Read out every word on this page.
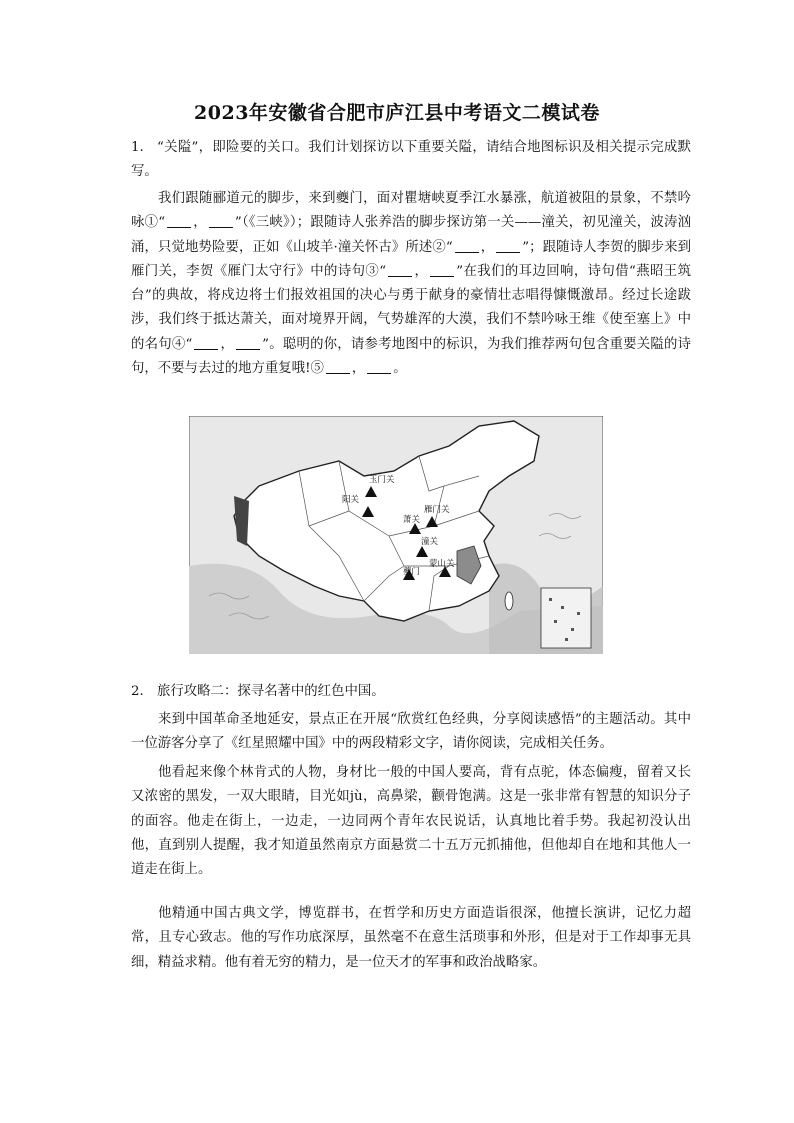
2023年安徽省合肥市庐江县中考语文二模试卷
1. “关隘”，即险要的关口。我们计划探访以下重要关隘，请结合地图标识及相关提示完成默写。
我们跟随郦道元的脚步，来到夔门，面对瞿塘峡夏季江水暴涨，航道被阻的景象，不禁吟咏①“ ， ”（《三峡》）；跟随诗人张养浩的脚步探访第一关——潼关，初见潼关，波涛汹涌，只觉地势险要，正如《山坡羊·潼关怀古》所述②“ ， ”；跟随诗人李贺的脚步来到雁门关，李贺《雁门太守行》中的诗句③“ ， ”在我们的耳边回响，诗句借“燕昭王筑台”的典故，将戍边将士们报效祖国的决心与勇于献身的豪情壮志唱得慷慨激昂。经过长途跋涉，我们终于抵达萧关，面对境界开阔，气势雄浑的大漠，我们不禁吟咏王维《使至塞上》中的名句④“ ， ”。聪明的你，请参考地图中的标识，为我们推荐两句包含重要关隘的诗句，不要与去过的地方重复哦!⑤ ， 。
玉门关
阳关
雁门关
萧关
潼关
夔门
蒙山关
2. 旅行攻略二：探寻名著中的红色中国。
来到中国革命圣地延安，景点正在开展“欣赏红色经典，分享阅读感悟”的主题活动。其中一位游客分享了《红星照耀中国》中的两段精彩文字，请你阅读，完成相关任务。
他看起来像个林肯式的人物，身材比一般的中国人要高，背有点驼，体态偏瘦，留着又长又浓密的黑发，一双大眼睛，目光如jù，高鼻梁，颧骨饱满。这是一张非常有智慧的知识分子的面容。他走在街上，一边走，一边同两个青年农民说话，认真地比着手势。我起初没认出他，直到别人提醒，我才知道虽然南京方面悬赏二十五万元抓捕他，但他却自在地和其他人一道走在街上。
他精通中国古典文学，博览群书，在哲学和历史方面造诣很深，他擅长演讲，记忆力超常，且专心致志。他的写作功底深厚，虽然毫不在意生活琐事和外形，但是对于工作却事无具细，精益求精。他有着无穷的精力，是一位天才的军事和政治战略家。
